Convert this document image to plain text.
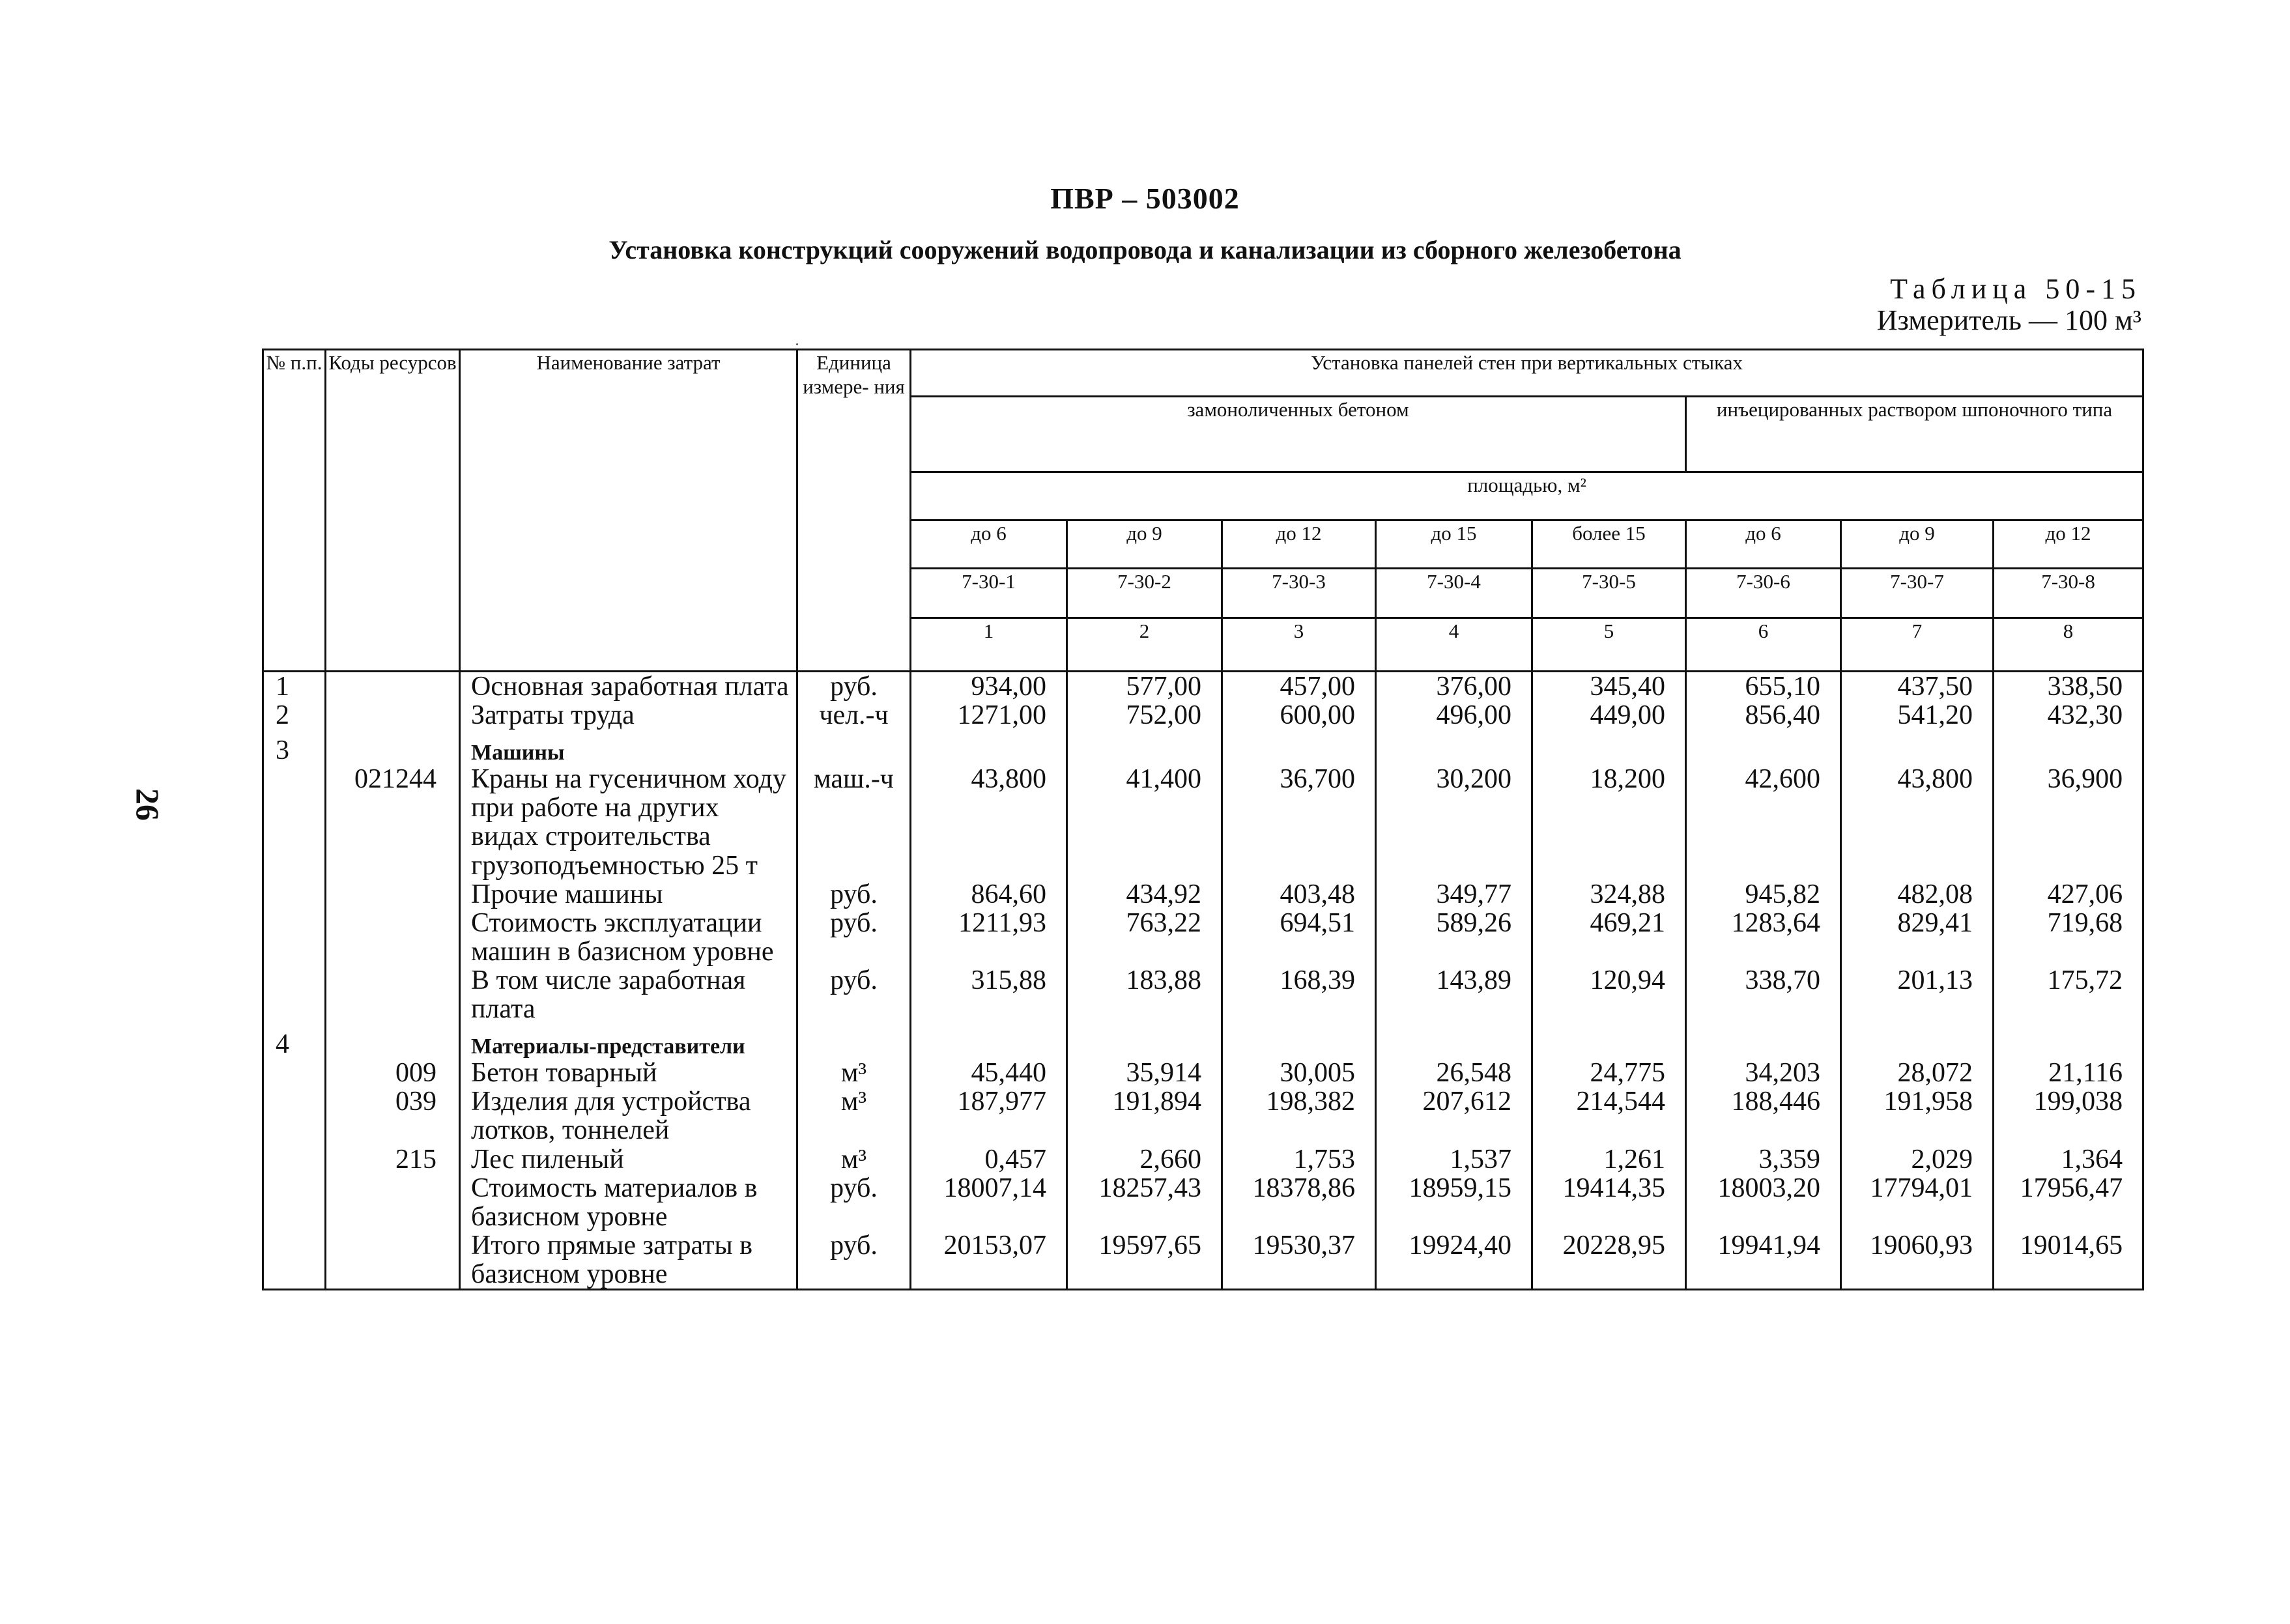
ПВР – 503002
Установка конструкций сооружений водопровода и канализации из сборного железобетона
Таблица 50-15
Измеритель — 100 м³
26
№ п.п.	Коды ресурсов	Наименование затрат	Единица измере- ния	Установка панелей стен при вертикальных стыках							
				замоноличенных бетоном					инъецированных раствором шпоночного типа		
				площадью, м²							
				до 6	до 9	до 12	до 15	более 15	до 6	до 9	до 12
				7-30-1	7-30-2	7-30-3	7-30-4	7-30-5	7-30-6	7-30-7	7-30-8
				1	2	3	4	5	6	7	8
1		Основная заработная плата	руб.	934,00	577,00	457,00	376,00	345,40	655,10	437,50	338,50
2		Затраты труда	чел.-ч	1271,00	752,00	600,00	496,00	449,00	856,40	541,20	432,30
3		Машины									
	021244	Краны на гусеничном ходу при работе на других видах строительства грузоподъемностью 25 т	маш.-ч	43,800	41,400	36,700	30,200	18,200	42,600	43,800	36,900
		Прочие машины	руб.	864,60	434,92	403,48	349,77	324,88	945,82	482,08	427,06
		Стоимость эксплуатации машин в базисном уровне	руб.	1211,93	763,22	694,51	589,26	469,21	1283,64	829,41	719,68
		В том числе заработная плата	руб.	315,88	183,88	168,39	143,89	120,94	338,70	201,13	175,72
4		Материалы-представители									
	009	Бетон товарный	м³	45,440	35,914	30,005	26,548	24,775	34,203	28,072	21,116
	039	Изделия для устройства лотков, тоннелей	м³	187,977	191,894	198,382	207,612	214,544	188,446	191,958	199,038
	215	Лес пиленый	м³	0,457	2,660	1,753	1,537	1,261	3,359	2,029	1,364
		Стоимость материалов в базисном уровне	руб.	18007,14	18257,43	18378,86	18959,15	19414,35	18003,20	17794,01	17956,47
		Итого прямые затраты в базисном уровне	руб.	20153,07	19597,65	19530,37	19924,40	20228,95	19941,94	19060,93	19014,65
